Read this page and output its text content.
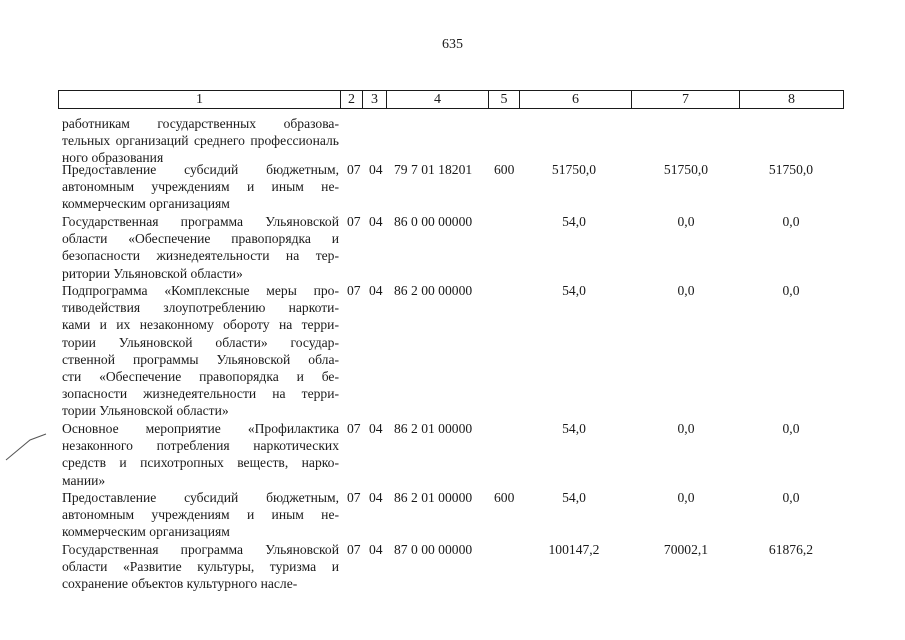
635
1	2	3	4	5	6	7	8
работникам государственных образова-
тельных организаций среднего профессиональ
ного образования
Предоставление субсидий бюджетным,
автономным учреждениям и иным не-
коммерческим организациям
07 04 79 7 01 18201 600	51750,0	51750,0	51750,0
Государственная программа Ульяновской
области «Обеспечение правопорядка и
безопасности жизнедеятельности на тер-
ритории Ульяновской области»
07 04 86 0 00 00000	54,0	0,0	0,0
Подпрограмма «Комплексные меры про-
тиводействия злоупотреблению наркоти-
ками и их незаконному обороту на терри-
тории Ульяновской области» государ-
ственной программы Ульяновской обла-
сти «Обеспечение правопорядка и бе-
зопасности жизнедеятельности на терри-
тории Ульяновской области»
07 04 86 2 00 00000	54,0	0,0	0,0
Основное мероприятие «Профилактика
незаконного потребления наркотических
средств и психотропных веществ, нарко-
мании»
07 04 86 2 01 00000	54,0	0,0	0,0
Предоставление субсидий бюджетным,
автономным учреждениям и иным не-
коммерческим организациям
07 04 86 2 01 00000 600	54,0	0,0	0,0
Государственная программа Ульяновской
области «Развитие культуры, туризма и
сохранение объектов культурного насле-
07 04 87 0 00 00000	100147,2	70002,1	61876,2
